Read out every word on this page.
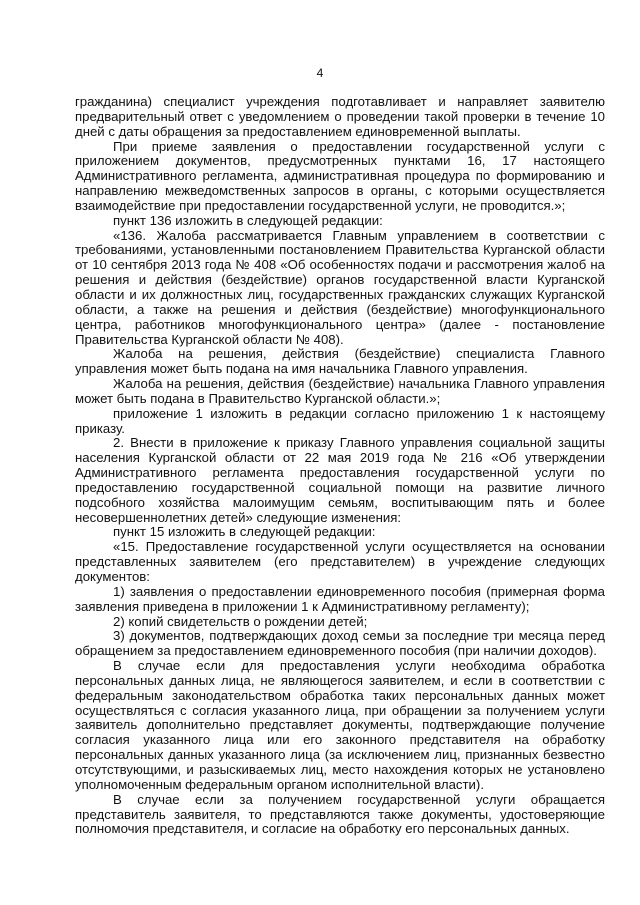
4

гражданина) специалист учреждения подготавливает и направляет заявителю предварительный ответ с уведомлением о проведении такой проверки в течение 10 дней с даты обращения за предоставлением единовременной выплаты.

При приеме заявления о предоставлении государственной услуги с приложением документов, предусмотренных пунктами 16, 17 настоящего Административного регламента, административная процедура по формированию и направлению межведомственных запросов в органы, с которыми осуществляется взаимодействие при предоставлении государственной услуги, не проводится.»;

пункт 136 изложить в следующей редакции:

«136. Жалоба рассматривается Главным управлением в соответствии с требованиями, установленными постановлением Правительства Курганской области от 10 сентября 2013 года № 408 «Об особенностях подачи и рассмотрения жалоб на решения и действия (бездействие) органов государственной власти Курганской области и их должностных лиц, государственных гражданских служащих Курганской области, а также на решения и действия (бездействие) многофункционального центра, работников многофункционального центра» (далее - постановление Правительства Курганской области № 408).

Жалоба на решения, действия (бездействие) специалиста Главного управления может быть подана на имя начальника Главного управления.

Жалоба на решения, действия (бездействие) начальника Главного управления может быть подана в Правительство Курганской области.»;

приложение 1 изложить в редакции согласно приложению 1 к настоящему приказу.

2. Внести в приложение к приказу Главного управления социальной защиты населения Курганской области от 22 мая 2019 года № 216 «Об утверждении Административного регламента предоставления государственной услуги по предоставлению государственной социальной помощи на развитие личного подсобного хозяйства малоимущим семьям, воспитывающим пять и более несовершеннолетних детей» следующие изменения:

пункт 15 изложить в следующей редакции:

«15. Предоставление государственной услуги осуществляется на основании представленных заявителем (его представителем) в учреждение следующих документов:

1) заявления о предоставлении единовременного пособия (примерная форма заявления приведена в приложении 1 к Административному регламенту);

2) копий свидетельств о рождении детей;

3) документов, подтверждающих доход семьи за последние три месяца перед обращением за предоставлением единовременного пособия (при наличии доходов).

В случае если для предоставления услуги необходима обработка персональных данных лица, не являющегося заявителем, и если в соответствии с федеральным законодательством обработка таких персональных данных может осуществляться с согласия указанного лица, при обращении за получением услуги заявитель дополнительно представляет документы, подтверждающие получение согласия указанного лица или его законного представителя на обработку персональных данных указанного лица (за исключением лиц, признанных безвестно отсутствующими, и разыскиваемых лиц, место нахождения которых не установлено уполномоченным федеральным органом исполнительной власти).

В случае если за получением государственной услуги обращается представитель заявителя, то представляются также документы, удостоверяющие полномочия представителя, и согласие на обработку его персональных данных.
